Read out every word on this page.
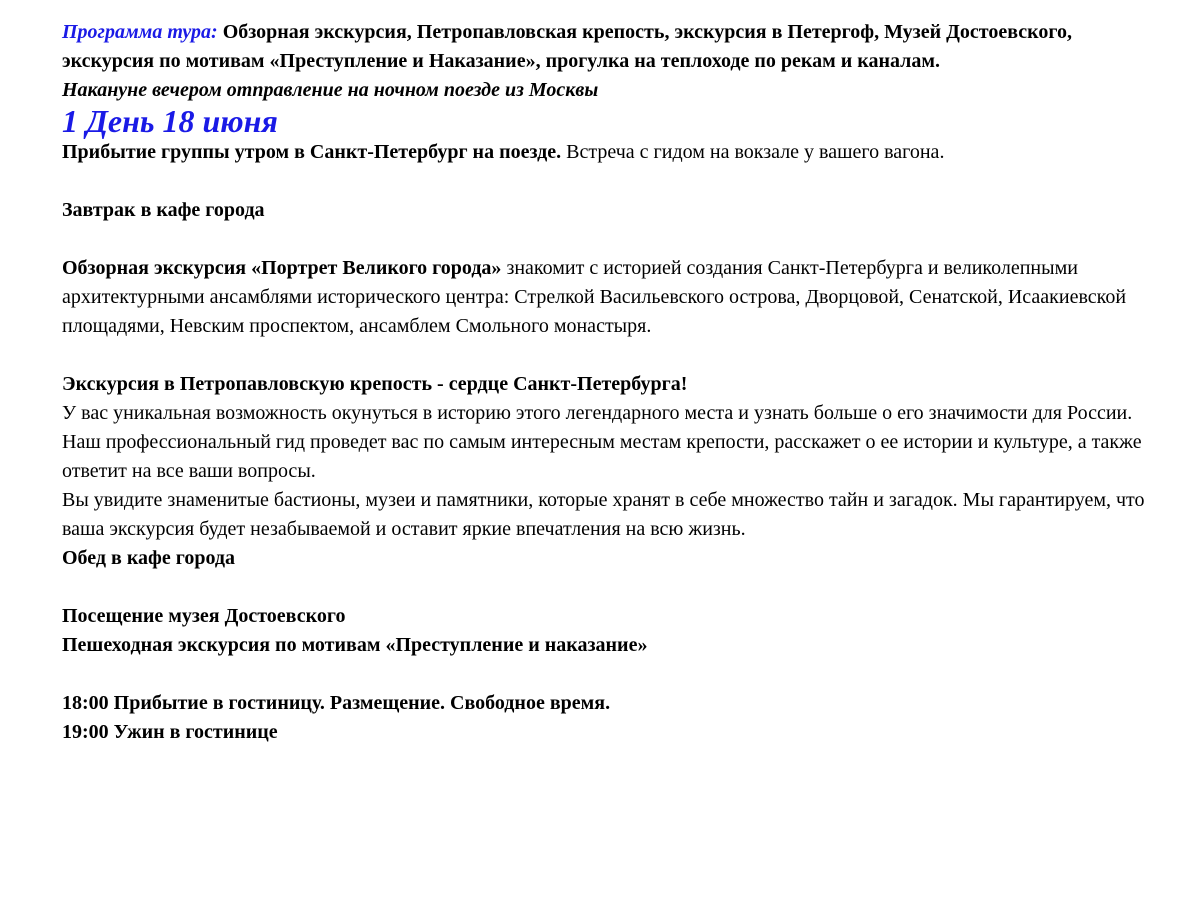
Программа тура: Обзорная экскурсия, Петропавловская крепость, экскурсия в Петергоф, Музей Достоевского, экскурсия по мотивам «Преступление и Наказание», прогулка на теплоходе по рекам и каналам.

Накануне вечером отправление на ночном поезде из Москвы

1 День 18 июня

Прибытие группы утром в Санкт-Петербург на поезде. Встреча с гидом на вокзале у вашего вагона.

Завтрак в кафе города

Обзорная экскурсия «Портрет Великого города» знакомит с историей создания Санкт-Петербурга и великолепными архитектурными ансамблями исторического центра: Стрелкой Васильевского острова, Дворцовой, Сенатской, Исаакиевской площадями, Невским проспектом, ансамблем Смольного монастыря.

Экскурсия в Петропавловскую крепость - сердце Санкт-Петербурга!

У вас уникальная возможность окунуться в историю этого легендарного места и узнать больше о его значимости для России. Наш профессиональный гид проведет вас по самым интересным местам крепости, расскажет о ее истории и культуре, а также ответит на все ваши вопросы.

Вы увидите знаменитые бастионы, музеи и памятники, которые хранят в себе множество тайн и загадок. Мы гарантируем, что ваша экскурсия будет незабываемой и оставит яркие впечатления на всю жизнь.

Обед в кафе города

Посещение музея Достоевского

Пешеходная экскурсия по мотивам «Преступление и наказание»

18:00 Прибытие в гостиницу. Размещение. Свободное время.

19:00 Ужин в гостинице
